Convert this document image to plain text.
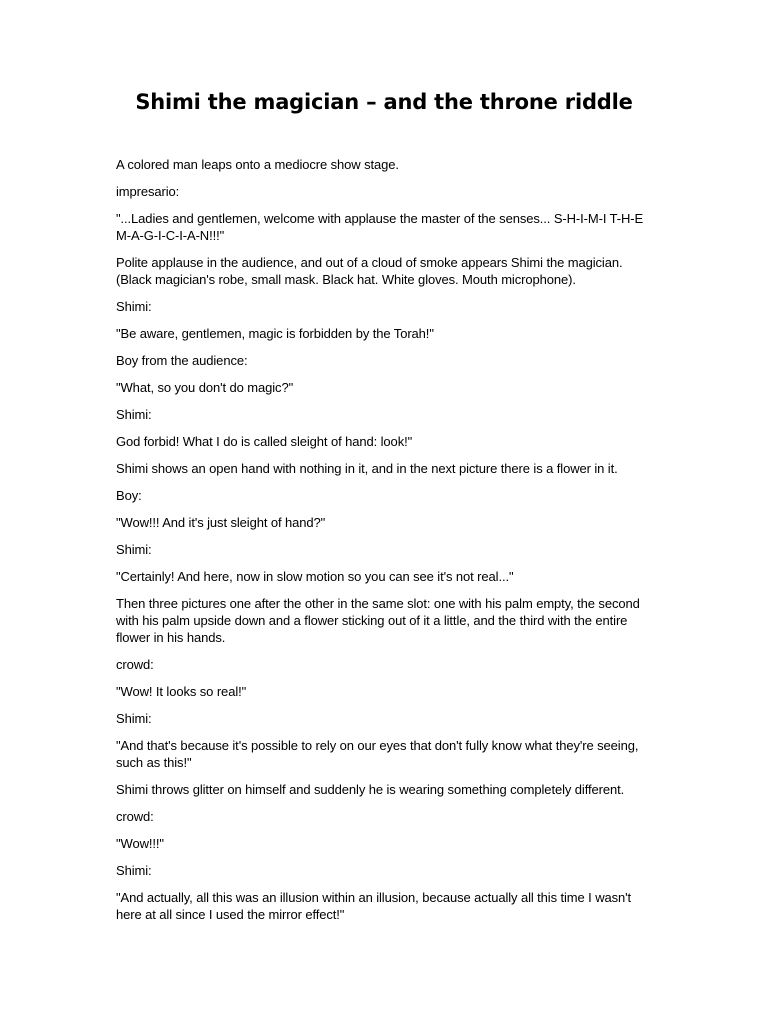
Shimi the magician – and the throne riddle

A colored man leaps onto a mediocre show stage.

impresario:

"...Ladies and gentlemen, welcome with applause the master of the senses... S-H-I-M-I T-H-E M-A-G-I-C-I-A-N!!!"

Polite applause in the audience, and out of a cloud of smoke appears Shimi the magician. (Black magician's robe, small mask. Black hat. White gloves. Mouth microphone).

Shimi:

"Be aware, gentlemen, magic is forbidden by the Torah!"

Boy from the audience:

"What, so you don't do magic?"

Shimi:

God forbid! What I do is called sleight of hand: look!"

Shimi shows an open hand with nothing in it, and in the next picture there is a flower in it.

Boy:

"Wow!!! And it's just sleight of hand?"

Shimi:

"Certainly! And here, now in slow motion so you can see it's not real..."

Then three pictures one after the other in the same slot: one with his palm empty, the second with his palm upside down and a flower sticking out of it a little, and the third with the entire flower in his hands.

crowd:

"Wow! It looks so real!"

Shimi:

"And that's because it's possible to rely on our eyes that don't fully know what they're seeing, such as this!"

Shimi throws glitter on himself and suddenly he is wearing something completely different.

crowd:

"Wow!!!"

Shimi:

"And actually, all this was an illusion within an illusion, because actually all this time I wasn't here at all since I used the mirror effect!"
